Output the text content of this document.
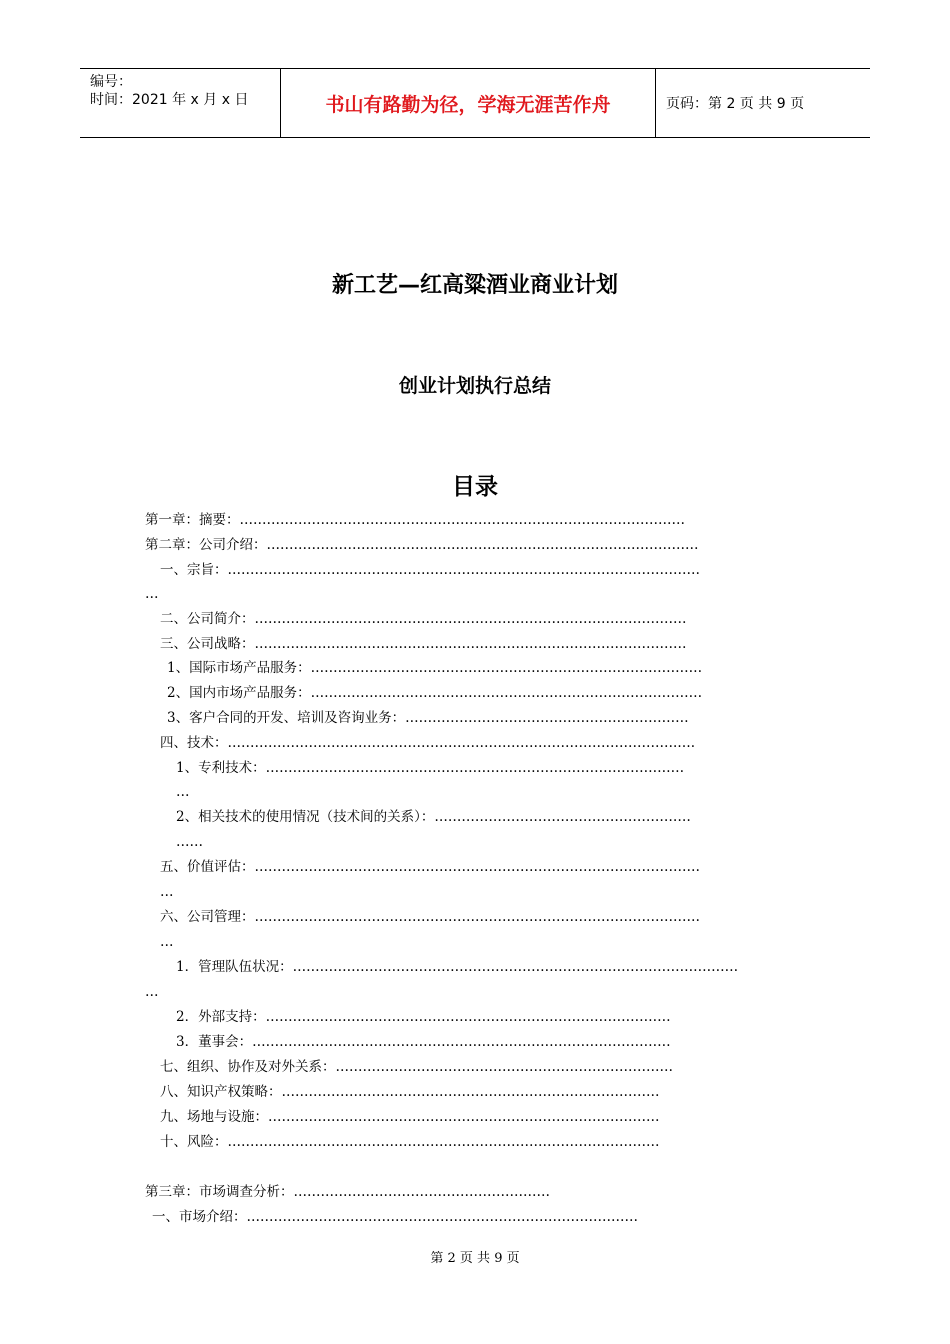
编号：
时间：2021 年 x 月 x 日	书山有路勤为径，学海无涯苦作舟	页码：第 2 页 共 9 页
新工艺—红高粱酒业商业计划
创业计划执行总结
目录
第一章：摘要：………………………………………………………………………………………
第二章：公司介绍：……………………………………………………………………………………
一、宗旨：……………………………………………………………………………………………
…
二、公司简介：……………………………………………………………………………………
三、公司战略：……………………………………………………………………………………
1、国际市场产品服务：……………………………………………………………………………
2、国内市场产品服务：……………………………………………………………………………
3、客户合同的开发、培训及咨询业务：………………………………………………………
四、技术：……………………………………………………………………………………….….
1、专利技术：…………………………………………………………………………………
…
2、相关技术的使用情况（技术间的关系）：…………………………………………………
……
五、价值评估：………………………………………………………………………………………
…
六、公司管理：………………………………………………………………………………………
…
1．管理队伍状况：………………………………………………………………………………………
…
2．外部支持：………………………………………………………………………………
3．董事会：…………………………………………………………………………………
七、组织、协作及对外关系：…………………………………………………………………
八、知识产权策略：…………………………………………………………………………
九、场地与设施：……………………………………………………………………………
十、风险：……………………………………………………………………………………
第三章：市场调查分析：…………………………………………………
一、市场介绍：……………………………………………………………………………
第 2 页 共 9 页
